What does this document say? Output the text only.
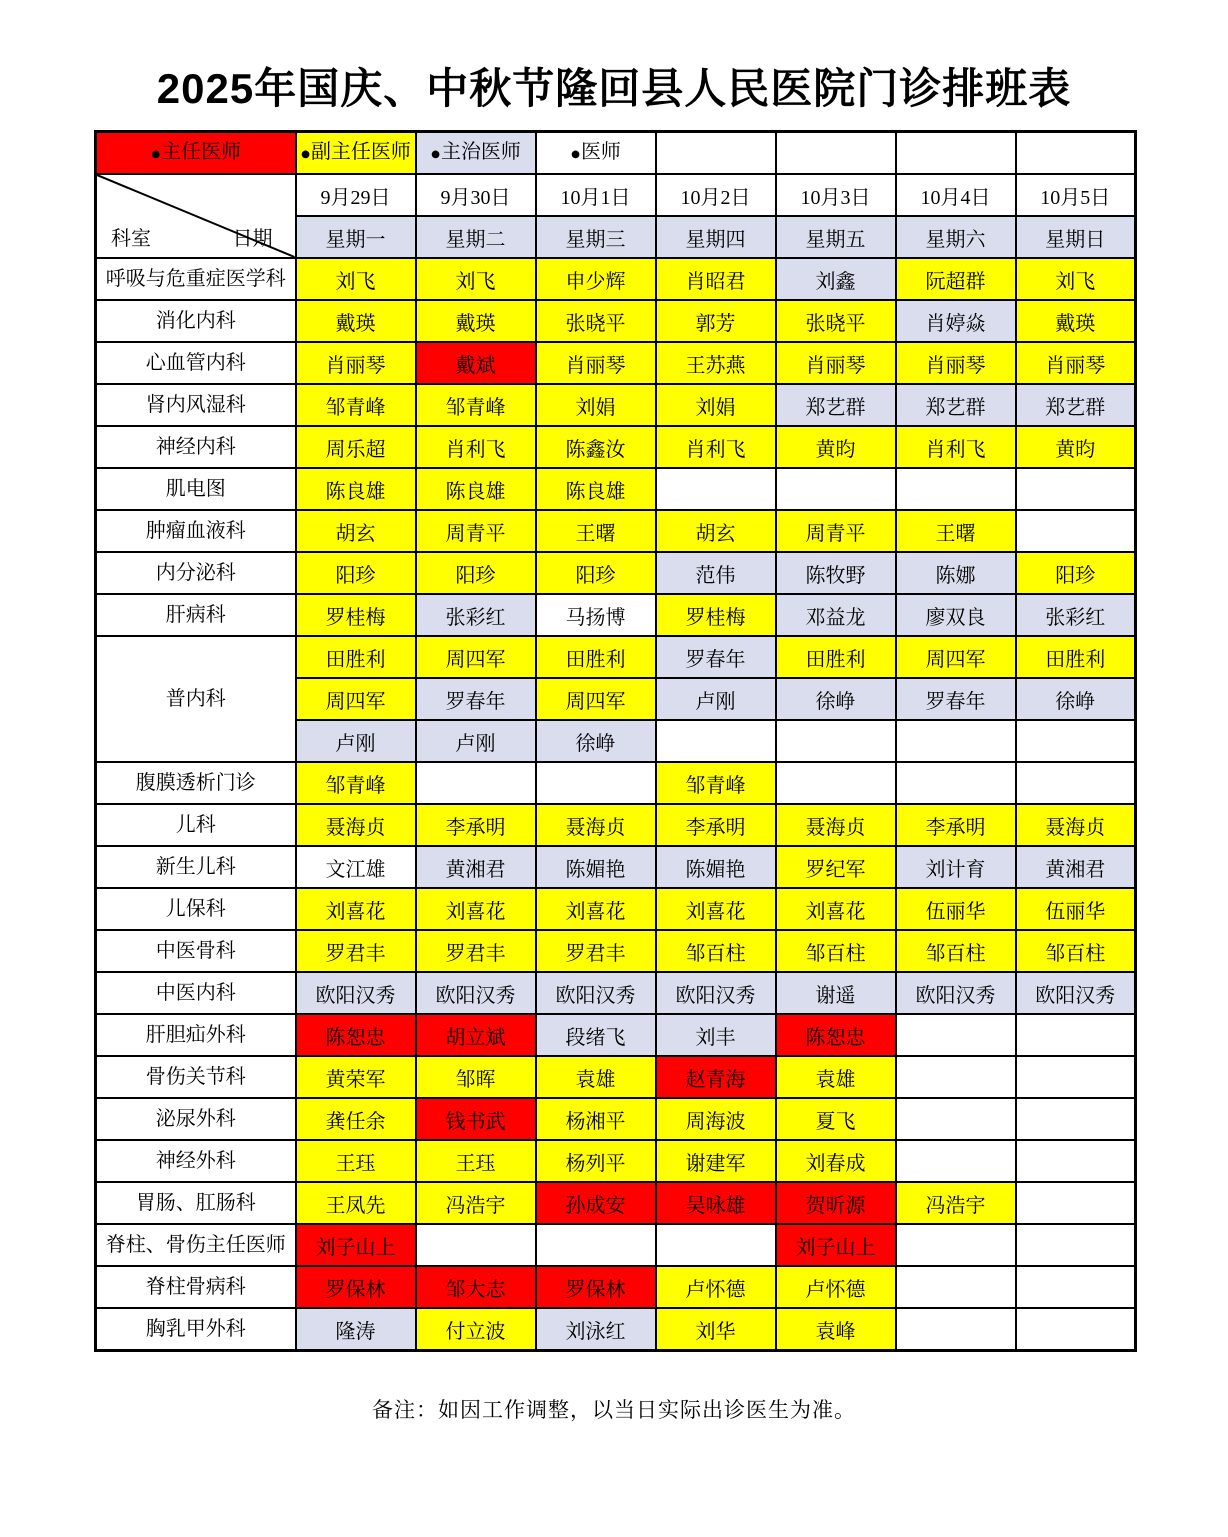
2025年国庆、中秋节隆回县人民医院门诊排班表
●主任医师	●副主任医师	●主治医师	●医师				

科室 日期	9月29日	9月30日	10月1日	10月2日	10月3日	10月4日	10月5日
	星期一	星期二	星期三	星期四	星期五	星期六	星期日
呼吸与危重症医学科	刘飞	刘飞	申少辉	肖昭君	刘鑫	阮超群	刘飞
消化内科	戴瑛	戴瑛	张晓平	郭芳	张晓平	肖婷焱	戴瑛
心血管内科	肖丽琴	戴斌	肖丽琴	王苏燕	肖丽琴	肖丽琴	肖丽琴
肾内风湿科	邹青峰	邹青峰	刘娟	刘娟	郑艺群	郑艺群	郑艺群
神经内科	周乐超	肖利飞	陈鑫汝	肖利飞	黄昀	肖利飞	黄昀
肌电图	陈良雄	陈良雄	陈良雄				
肿瘤血液科	胡玄	周青平	王曙	胡玄	周青平	王曙	
内分泌科	阳珍	阳珍	阳珍	范伟	陈牧野	陈娜	阳珍
肝病科	罗桂梅	张彩红	马扬博	罗桂梅	邓益龙	廖双良	张彩红
普内科	田胜利	周四军	田胜利	罗春年	田胜利	周四军	田胜利
	周四军	罗春年	周四军	卢刚	徐峥	罗春年	徐峥
	卢刚	卢刚	徐峥				
腹膜透析门诊	邹青峰			邹青峰			
儿科	聂海贞	李承明	聂海贞	李承明	聂海贞	李承明	聂海贞
新生儿科	文江雄	黄湘君	陈媚艳	陈媚艳	罗纪军	刘计育	黄湘君
儿保科	刘喜花	刘喜花	刘喜花	刘喜花	刘喜花	伍丽华	伍丽华
中医骨科	罗君丰	罗君丰	罗君丰	邹百柱	邹百柱	邹百柱	邹百柱
中医内科	欧阳汉秀	欧阳汉秀	欧阳汉秀	欧阳汉秀	谢遥	欧阳汉秀	欧阳汉秀
肝胆疝外科	陈恕忠	胡立斌	段绪飞	刘丰	陈恕忠		
骨伤关节科	黄荣军	邹晖	袁雄	赵青海	袁雄		
泌尿外科	龚任余	钱书武	杨湘平	周海波	夏飞		
神经外科	王珏	王珏	杨列平	谢建军	刘春成		
胃肠、肛肠科	王凤先	冯浩宇	孙成安	吴咏雄	贺昕源	冯浩宇	
脊柱、骨伤主任医师	刘子山上				刘子山上		
脊柱骨病科	罗保林	邹大志	罗保林	卢怀德	卢怀德		
胸乳甲外科	隆涛	付立波	刘泳红	刘华	袁峰		
备注：如因工作调整，以当日实际出诊医生为准。
